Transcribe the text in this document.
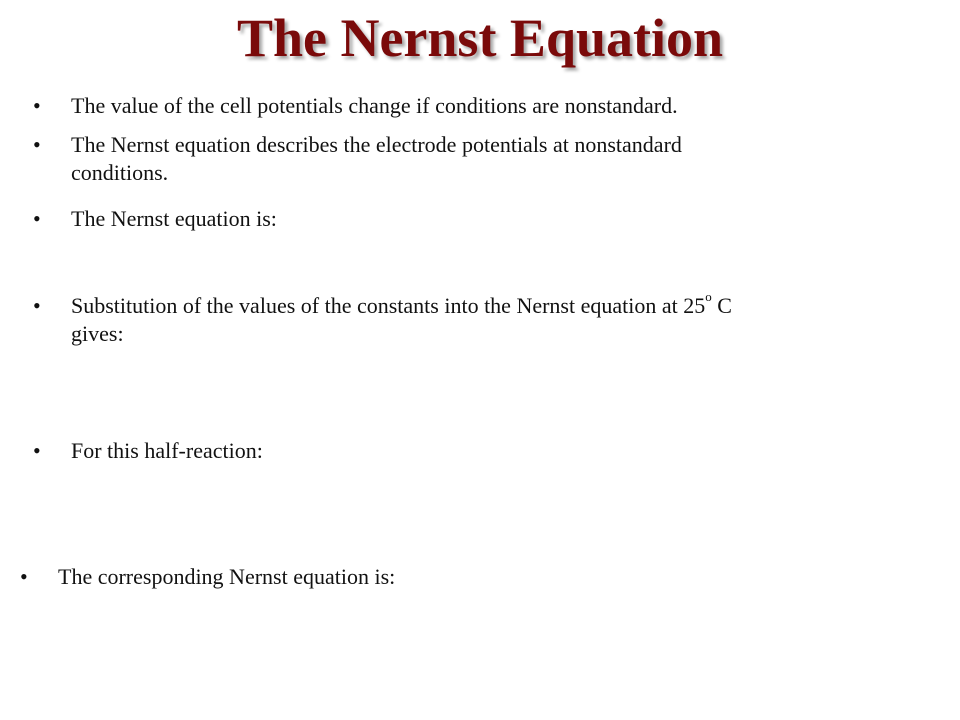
The Nernst Equation
•	The value of the cell potentials change if conditions are nonstandard.
•	The Nernst equation describes the electrode potentials at nonstandard
conditions.
•	The Nernst equation is:
•	Substitution of the values of the constants into the Nernst equation at 25$^o$ C
gives:
•	For this half-reaction:
•	The corresponding Nernst equation is:
